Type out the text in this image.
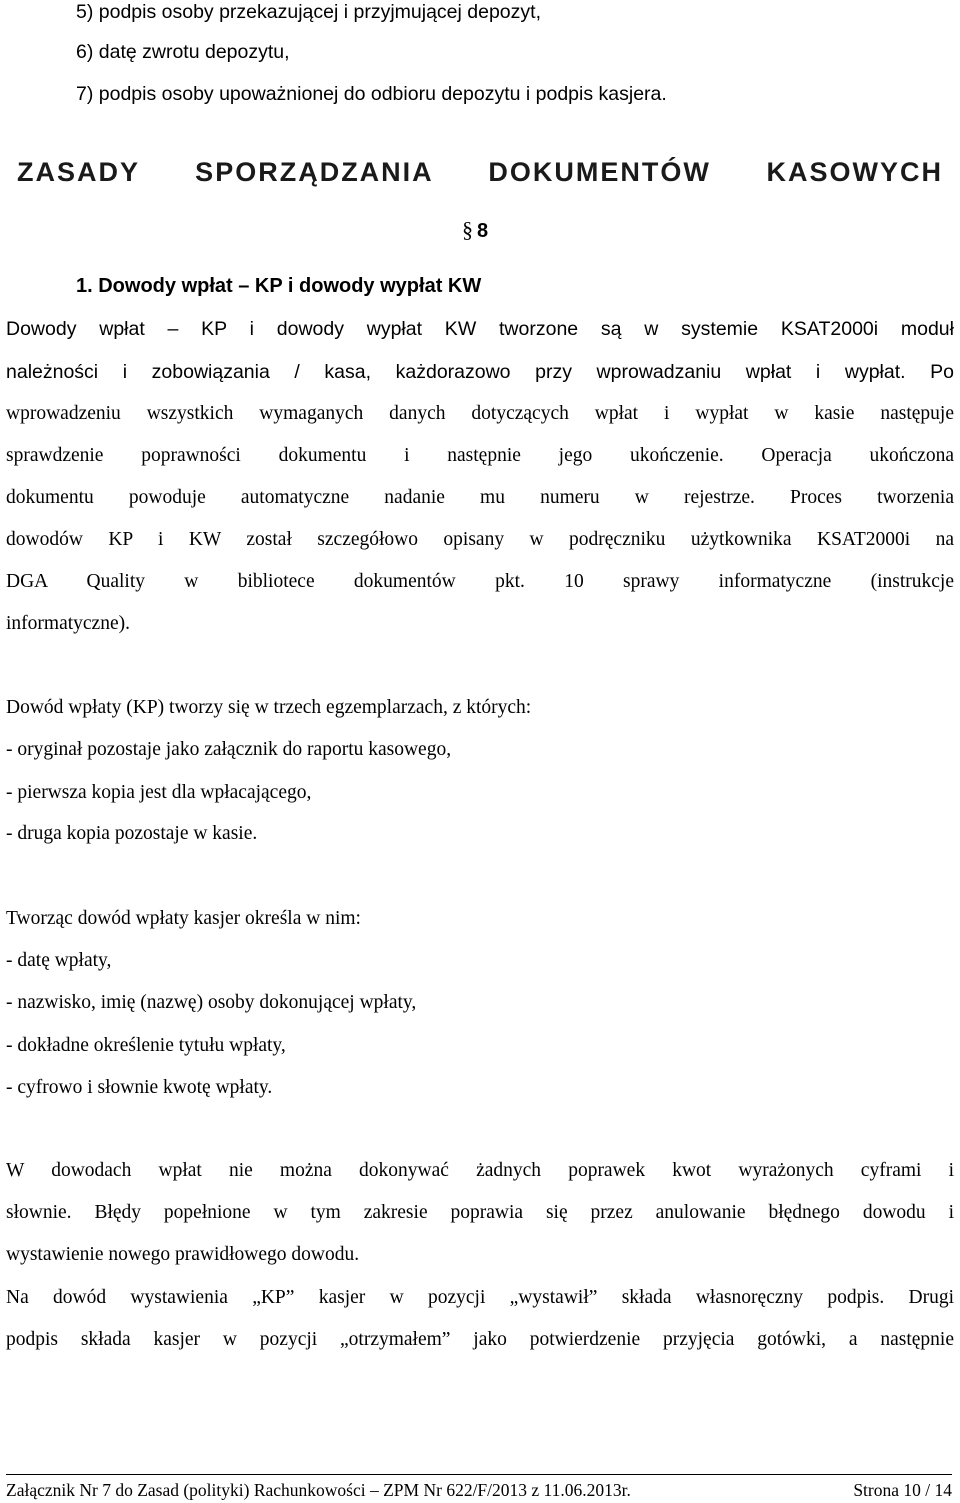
5) podpis osoby przekazującej i przyjmującej depozyt,
6) datę zwrotu depozytu,
7) podpis osoby upoważnionej do odbioru depozytu i podpis kasjera.
ZASADY SPORZĄDZANIA DOKUMENTÓW KASOWYCH
§ 8
1. Dowody wpłat – KP i dowody wypłat KW
Dowody wpłat – KP i dowody wypłat KW tworzone są w systemie KSAT2000i moduł
należności i zobowiązania / kasa, każdorazowo przy wprowadzaniu wpłat i wypłat. Po
wprowadzeniu wszystkich wymaganych danych dotyczących wpłat i wypłat w kasie następuje
sprawdzenie poprawności dokumentu i następnie jego ukończenie. Operacja ukończona
dokumentu powoduje automatyczne nadanie mu numeru w rejestrze. Proces tworzenia
dowodów KP i KW został szczegółowo opisany w podręczniku użytkownika KSAT2000i na
DGA Quality w bibliotece dokumentów pkt. 10 sprawy informatyczne (instrukcje
informatyczne).
Dowód wpłaty (KP) tworzy się w trzech egzemplarzach, z których:
- oryginał pozostaje jako załącznik do raportu kasowego,
- pierwsza kopia jest dla wpłacającego,
- druga kopia pozostaje w kasie.
Tworząc dowód wpłaty kasjer określa w nim:
- datę wpłaty,
- nazwisko, imię (nazwę) osoby dokonującej wpłaty,
- dokładne określenie tytułu wpłaty,
- cyfrowo i słownie kwotę wpłaty.
W dowodach wpłat nie można dokonywać żadnych poprawek kwot wyrażonych cyframi i
słownie. Błędy popełnione w tym zakresie poprawia się przez anulowanie błędnego dowodu i
wystawienie nowego prawidłowego dowodu.
Na dowód wystawienia „KP” kasjer w pozycji „wystawił” składa własnoręczny podpis. Drugi
podpis składa kasjer w pozycji „otrzymałem” jako potwierdzenie przyjęcia gotówki, a następnie
Załącznik Nr 7 do Zasad (polityki) Rachunkowości – ZPM Nr 622/F/2013 z 11.06.2013r.	Strona 10 / 14
